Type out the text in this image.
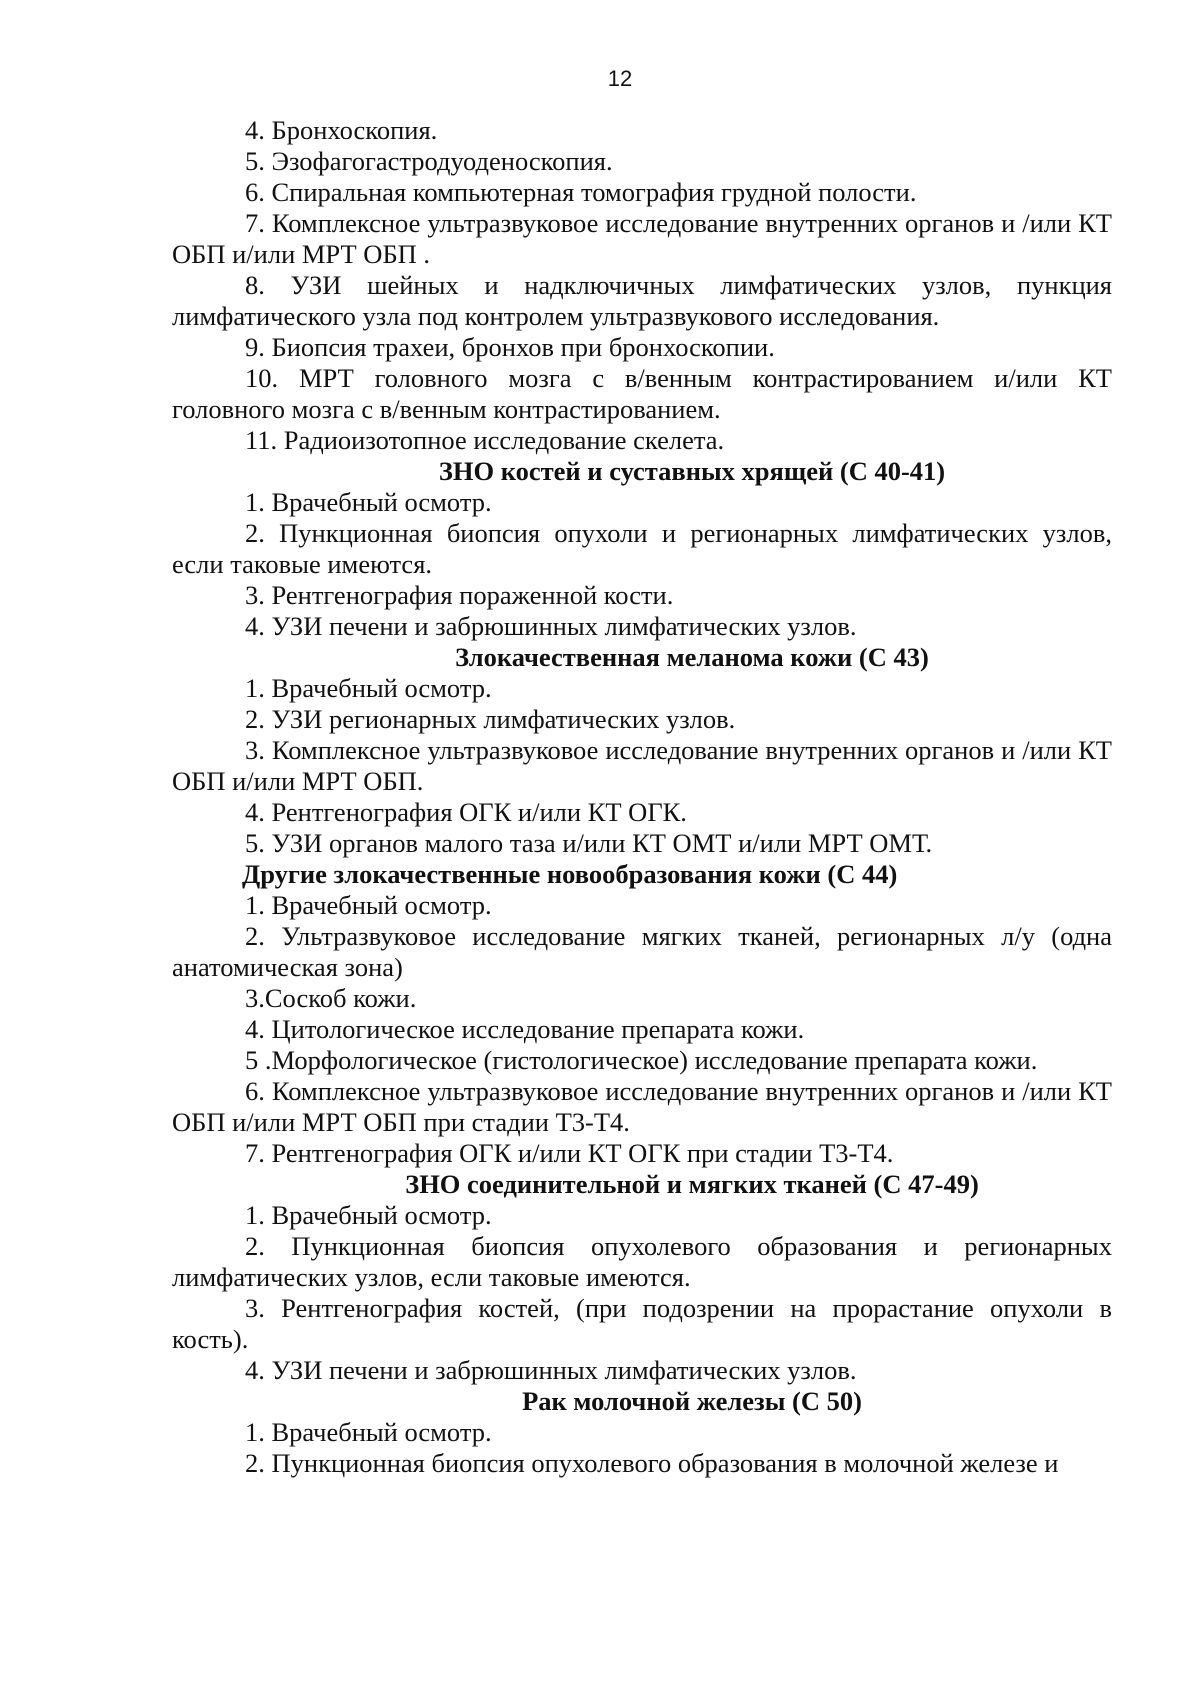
12

4. Бронхоскопия.

5. Эзофагогастродуоденоскопия.

6. Спиральная компьютерная томография грудной полости.

7. Комплексное ультразвуковое исследование внутренних органов и /или КТ ОБП и/или МРТ ОБП .

8. УЗИ шейных и надключичных лимфатических узлов, пункция лимфатического узла под контролем ультразвукового исследования.

9. Биопсия трахеи, бронхов при бронхоскопии.

10. МРТ головного мозга с в/венным контрастированием и/или КТ головного мозга с в/венным контрастированием.

11. Радиоизотопное исследование скелета.

ЗНО костей и суставных хрящей (С 40-41)

1. Врачебный осмотр.

2. Пункционная биопсия опухоли и регионарных лимфатических узлов, если таковые имеются.

3. Рентгенография пораженной кости.

4. УЗИ печени и забрюшинных лимфатических узлов.

Злокачественная меланома кожи (С 43)

1. Врачебный осмотр.

2. УЗИ регионарных лимфатических узлов.

3. Комплексное ультразвуковое исследование внутренних органов и /или КТ ОБП и/или МРТ ОБП.

4. Рентгенография ОГК и/или КТ ОГК.

5. УЗИ органов малого таза и/или КТ ОМТ и/или МРТ ОМТ.

Другие злокачественные новообразования кожи (С 44)

1. Врачебный осмотр.

2. Ультразвуковое исследование мягких тканей, регионарных л/у (одна анатомическая зона)

3.Соскоб кожи.

4. Цитологическое исследование препарата кожи.

5 .Морфологическое (гистологическое) исследование препарата кожи.

6. Комплексное ультразвуковое исследование внутренних органов и /или КТ ОБП и/или МРТ ОБП при стадии Т3-Т4.

7. Рентгенография ОГК и/или КТ ОГК при стадии Т3-Т4.

ЗНО соединительной и мягких тканей (С 47-49)

1. Врачебный осмотр.

2. Пункционная биопсия опухолевого образования и регионарных лимфатических узлов, если таковые имеются.

3. Рентгенография костей, (при подозрении на прорастание опухоли в кость).

4. УЗИ печени и забрюшинных лимфатических узлов.

Рак молочной железы (С 50)

1. Врачебный осмотр.

2. Пункционная биопсия опухолевого образования в молочной железе и
